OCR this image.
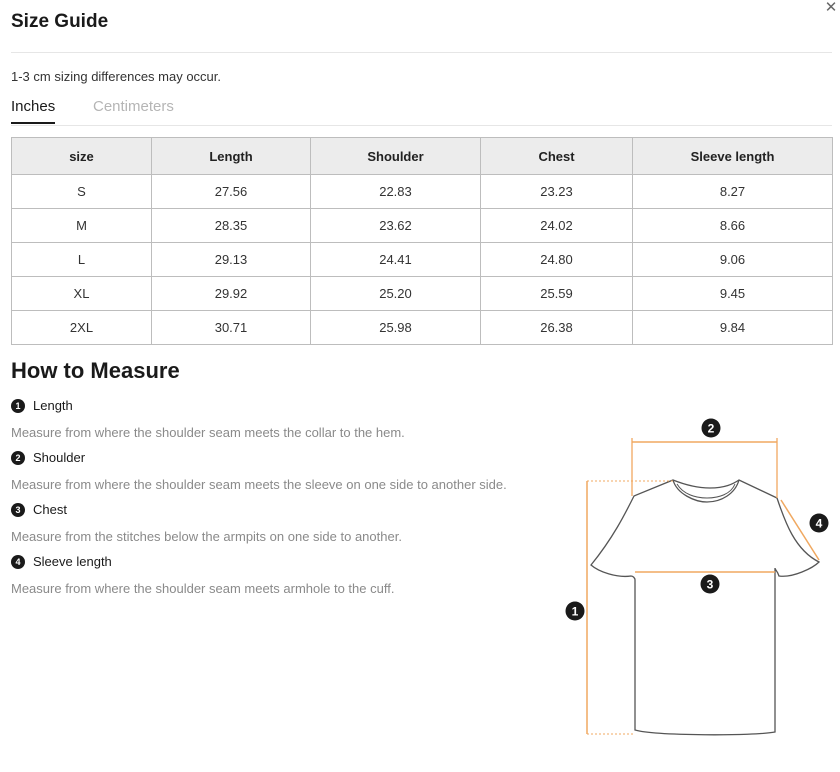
Size Guide
✕
1-3 cm sizing differences may occur.
Inches	Centimeters
size	Length	Shoulder	Chest	Sleeve length
S	27.56	22.83	23.23	8.27
M	28.35	23.62	24.02	8.66
L	29.13	24.41	24.80	9.06
XL	29.92	25.20	25.59	9.45
2XL	30.71	25.98	26.38	9.84
How to Measure
1 Length
Measure from where the shoulder seam meets the collar to the hem.
2 Shoulder
Measure from where the shoulder seam meets the sleeve on one side to another side.
3 Chest
Measure from the stitches below the armpits on one side to another.
4 Sleeve length
Measure from where the shoulder seam meets armhole to the cuff.
1
2
3
4
